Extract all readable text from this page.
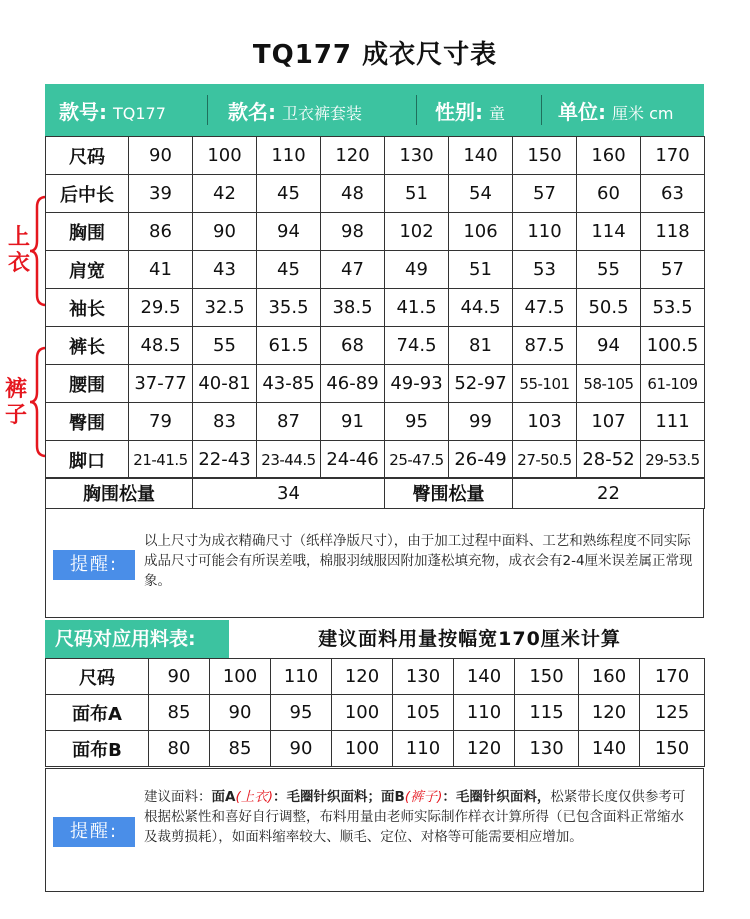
TQ177 成衣尺寸表
款号: TQ177	款名: 卫衣裤套装	性别: 童	单位: 厘米 cm
上
衣
裤
子
尺码	90	100	110	120	130	140	150	160	170
后中长	39	42	45	48	51	54	57	60	63
胸围	86	90	94	98	102	106	110	114	118
肩宽	41	43	45	47	49	51	53	55	57
袖长	29.5	32.5	35.5	38.5	41.5	44.5	47.5	50.5	53.5
裤长	48.5	55	61.5	68	74.5	81	87.5	94	100.5
腰围	37-77	40-81	43-85	46-89	49-93	52-97	55-101	58-105	61-109
臀围	79	83	87	91	95	99	103	107	111
脚口	21-41.5	22-43	23-44.5	24-46	25-47.5	26-49	27-50.5	28-52	29-53.5
胸围松量	34	臀围松量	22
提醒:
以上尺寸为成衣精确尺寸（纸样净版尺寸），由于加工过程中面料、工艺和熟练程度不同实际成品尺寸可能会有所误差哦，棉服羽绒服因附加蓬松填充物，成衣会有2-4厘米误差属正常现象。
尺码对应用料表:	建议面料用量按幅宽170厘米计算
尺码	90	100	110	120	130	140	150	160	170
面布A	85	90	95	100	105	110	115	120	125
面布B	80	85	90	100	110	120	130	140	150
提醒:
建议面料：面A(上衣)：毛圈针织面料；面B(裤子)：毛圈针织面料，松紧带长度仅供参考可根据松紧性和喜好自行调整，布料用量由老师实际制作样衣计算所得（已包含面料正常缩水及裁剪损耗），如面料缩率较大、顺毛、定位、对格等可能需要相应增加。
